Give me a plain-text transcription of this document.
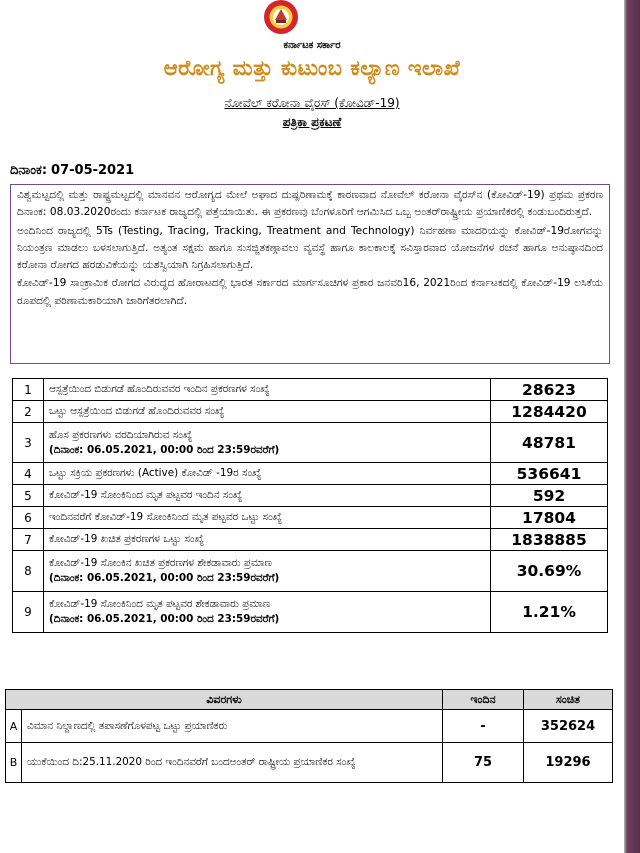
ಕರ್ನಾಟಕ ಸರ್ಕಾರ
ಆರೋಗ್ಯ ಮತ್ತು ಕುಟುಂಬ ಕಲ್ಯಾಣ ಇಲಾಖೆ
ನೋವೆಲ್ ಕರೋನಾ ವೈರಸ್ (ಕೋವಿಡ್-19)
ಪತ್ರಿಕಾ ಪ್ರಕಟಣೆ
ದಿನಾಂಕ: 07-05-2021

ವಿಶ್ವಮಟ್ಟದಲ್ಲಿ ಮತ್ತು ರಾಷ್ಟ್ರಮಟ್ಟದಲ್ಲಿ ಮಾನವನ ಆರೋಗ್ಯದ ಮೇಲೆ ಅಘಾದ ದುಷ್ಪರಿಣಾಮಕ್ಕೆ ಕಾರಣವಾದ ನೋವೆಲ್ ಕರೋನಾ ವೈರಸ್‌ನ (ಕೋವಿಡ್-19) ಪ್ರಥಮ ಪ್ರಕರಣ ದಿನಾಂಕ: 08.03.2020ರಂದು ಕರ್ನಾಟಕ ರಾಜ್ಯದಲ್ಲಿ ಪತ್ತೆಯಾಯಿತು. ಈ ಪ್ರಕರಣವು ಬೆಂಗಳೂರಿಗೆ ಆಗಮಿಸಿದ ಒಬ್ಬ ಅಂತರ್‌ರಾಷ್ಟ್ರೀಯ ಪ್ರಯಾಣಿಕರಲ್ಲಿ ಕಂಡುಬಂದಿರುತ್ತದೆ.

ಅಂದಿನಿಂದ ರಾಜ್ಯದಲ್ಲಿ 5Ts (Testing, Tracing, Tracking, Treatment and Technology) ನಿರ್ವಹಣಾ ಮಾದರಿಯನ್ನು ಕೋವಿಡ್-19ರೋಗವನ್ನು ನಿಯಂತ್ರಣ ಮಾಡಲು ಬಳಸಲಾಗುತ್ತಿದೆ. ಅತ್ಯಂತ ಸಕ್ಷಮ ಹಾಗೂ ಸುಸಜ್ಜಿತಕಣ್ಗಾವಲು ವ್ಯವಸ್ಥೆ ಹಾಗೂ ಕಾಲಕಾಲಕ್ಕೆ ಸವಿಸ್ತಾರವಾದ ಯೋಜನೆಗಳ ರಚನೆ ಹಾಗೂ ಅನುಷ್ಠಾನದಿಂದ ಕರೋನಾ ರೋಗದ ಹರಡುವಿಕೆಯನ್ನು ಯಶಸ್ವಿಯಾಗಿ ನಿಗ್ರಹಿಸಲಾಗುತ್ತಿದೆ.

ಕೋವಿಡ್-19 ಸಾಂಕ್ರಾಮಿಕ ರೋಗದ ವಿರುದ್ಧದ ಹೋರಾಟದಲ್ಲಿ ಭಾರತ ಸರ್ಕಾರದ ಮಾರ್ಗಸೂಚಿಗಳ ಪ್ರಕಾರ ಜನವರಿ16, 2021ರಿಂದ ಕರ್ನಾಟಕದಲ್ಲಿ ಕೋವಿಡ್-19 ಲಸಿಕೆಯ ರೂಪದಲ್ಲಿ ಪರಿಣಾಮಕಾರಿಯಾಗಿ ಜಾರಿಗೆತರಲಾಗಿದೆ.

1	ಆಸ್ಪತ್ರೆಯಿಂದ ಬಿಡುಗಡೆ ಹೊಂದಿರುವವರ ಇಂದಿನ ಪ್ರಕರಣಗಳ ಸಂಖ್ಯೆ	28623
2	ಒಟ್ಟು ಆಸ್ಪತ್ರೆಯಿಂದ ಬಿಡುಗಡೆ ಹೊಂದಿರುವವರ ಸಂಖ್ಯೆ	1284420
3	ಹೊಸ ಪ್ರಕರಣಗಳು ವರದಿಯಾಗಿರುವ ಸಂಖ್ಯೆ
(ದಿನಾಂಕ: 06.05.2021, 00:00 ರಿಂದ 23:59ರವರೆಗೆ)	48781
4	ಒಟ್ಟು ಸಕ್ರಿಯ ಪ್ರಕರಣಗಳು (Active) ಕೋವಿಡ್ -19ರ ಸಂಖ್ಯೆ	536641
5	ಕೋವಿಡ್-19 ಸೋಂಕಿನಿಂದ ಮೃತ ಪಟ್ಟವರ ಇಂದಿನ ಸಂಖ್ಯೆ	592
6	ಇಂದಿನವರೆಗೆ ಕೋವಿಡ್-19 ಸೋಂಕಿನಿಂದ ಮೃತ ಪಟ್ಟವರ ಒಟ್ಟು ಸಂಖ್ಯೆ	17804
7	ಕೋವಿಡ್-19 ಖಚಿತ ಪ್ರಕರಣಗಳ ಒಟ್ಟು ಸಂಖ್ಯೆ	1838885
8	ಕೋವಿಡ್-19 ಸೋಂಕಿನ ಖಚಿತ ಪ್ರಕರಣಗಳ ಶೇಕಡಾವಾರು ಪ್ರಮಾಣ
(ದಿನಾಂಕ: 06.05.2021, 00:00 ರಿಂದ 23:59ರವರೆಗೆ)	30.69%
9	ಕೋವಿಡ್-19 ಸೋಂಕಿನಿಂದ ಮೃತ ಪಟ್ಟವರ ಶೇಕಡಾವಾರು ಪ್ರಮಾಣ
(ದಿನಾಂಕ: 06.05.2021, 00:00 ರಿಂದ 23:59ರವರೆಗೆ)	1.21%
ವಿವರಗಳು		ಇಂದಿನ	ಸಂಚಿತ
A	ವಿಮಾನ ನಿಲ್ದಾಣದಲ್ಲಿ ತಪಾಸಣೆಗೊಳಪಟ್ಟ ಒಟ್ಟು ಪ್ರಯಾಣಿಕರು	-	352624
B	ಯುಕೆಯಿಂದ ದಿ:25.11.2020 ರಿಂದ ಇಂದಿನವರೆಗೆ ಬಂದಅಂತರ್ ರಾಷ್ಟ್ರೀಯ ಪ್ರಯಾಣಿಕರ ಸಂಖ್ಯೆ	75	19296
